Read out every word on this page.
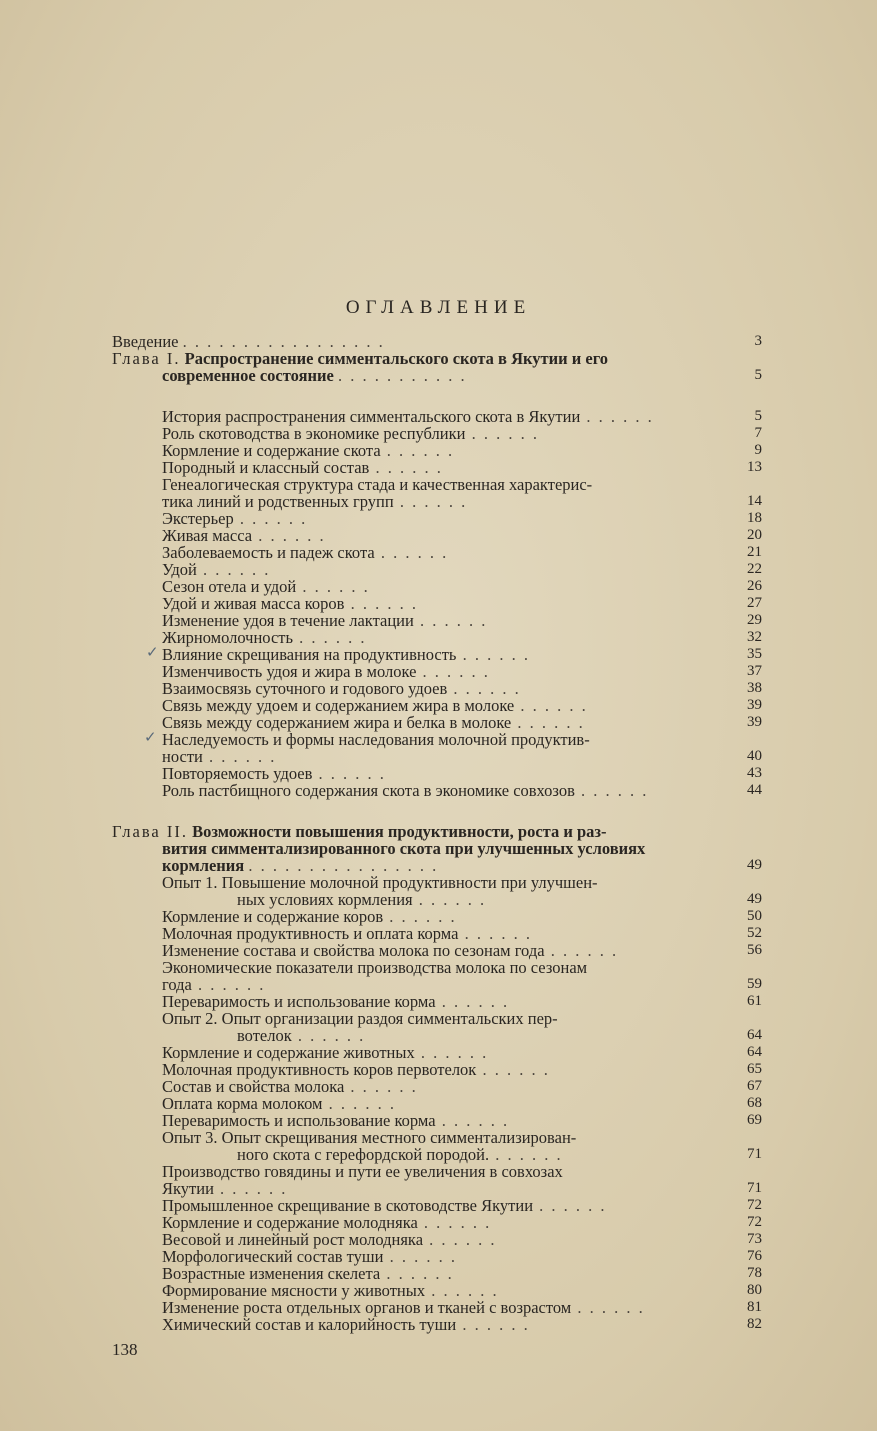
ОГЛАВЛЕНИЕ
Введение . . . . . . . . . . . . . . . . .	3
Глава I. Распространение симментальского скота в Якутии и его
современное состояние . . . . . . . . . . .	5
История распространения симментальского скота в Якутии . . . . . .	5
Роль скотоводства в экономике республики . . . . . .	7
Кормление и содержание скота . . . . . .	9
Породный и классный состав . . . . . .	13
Генеалогическая структура стада и качественная характерис-
тика линий и родственных групп . . . . . .	14
Экстерьер . . . . . .	18
Живая масса . . . . . .	20
Заболеваемость и падеж скота . . . . . .	21
Удой . . . . . .	22
Сезон отела и удой . . . . . .	26
Удой и живая масса коров . . . . . .	27
Изменение удоя в течение лактации . . . . . .	29
Жирномолочность . . . . . .	32
Влияние скрещивания на продуктивность . . . . . .	35
Изменчивость удоя и жира в молоке . . . . . .	37
Взаимосвязь суточного и годового удоев . . . . . .	38
Связь между удоем и содержанием жира в молоке . . . . . .	39
Связь между содержанием жира и белка в молоке . . . . . .	39
Наследуемость и формы наследования молочной продуктив-
ности . . . . . .	40
Повторяемость удоев . . . . . .	43
Роль пастбищного содержания скота в экономике совхозов . . . . . .	44
Глава II. Возможности повышения продуктивности, роста и раз-
вития симментализированного скота при улучшенных условиях
кормления . . . . . . . . . . . . . . . .	49
Опыт 1. Повышение молочной продуктивности при улучшен-
ных условиях кормления . . . . . .	49
Кормление и содержание коров . . . . . .	50
Молочная продуктивность и оплата корма . . . . . .	52
Изменение состава и свойства молока по сезонам года . . . . . .	56
Экономические показатели производства молока по сезонам
года . . . . . .	59
Переваримость и использование корма . . . . . .	61
Опыт 2. Опыт организации раздоя симментальских пер-
вотелок . . . . . .	64
Кормление и содержание животных . . . . . .	64
Молочная продуктивность коров первотелок . . . . . .	65
Состав и свойства молока . . . . . .	67
Оплата корма молоком . . . . . .	68
Переваримость и использование корма . . . . . .	69
Опыт 3. Опыт скрещивания местного симментализирован-
ного скота с герефордской породой. . . . . . .	71
Производство говядины и пути ее увеличения в совхозах
Якутии . . . . . .	71
Промышленное скрещивание в скотоводстве Якутии . . . . . .	72
Кормление и содержание молодняка . . . . . .	72
Весовой и линейный рост молодняка . . . . . .	73
Морфологический состав туши . . . . . .	76
Возрастные изменения скелета . . . . . .	78
Формирование мясности у животных . . . . . .	80
Изменение роста отдельных органов и тканей с возрастом . . . . . .	81
Химический состав и калорийность туши . . . . . .	82
138
✓
✓
